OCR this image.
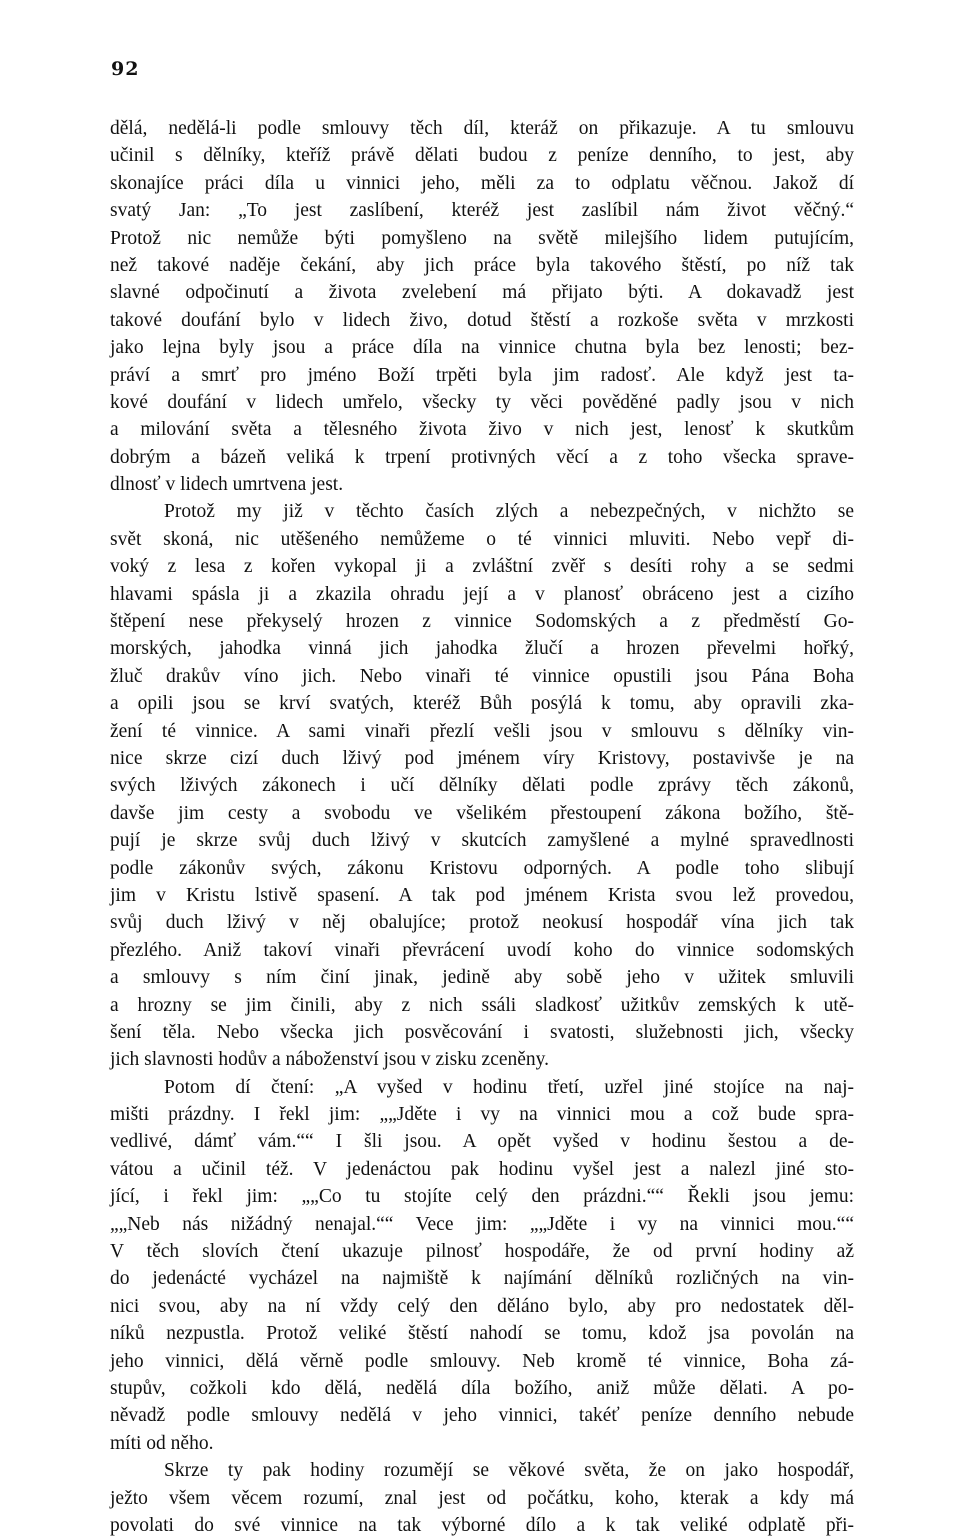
92
dělá, nedělá-li podle smlouvy těch díl, kteráž on přikazuje. A tu smlouvu
učinil s dělníky, kteříž právě dělati budou z peníze denního, to jest, aby
skonajíce práci díla u vinnici jeho, měli za to odplatu věčnou. Jakož dí
svatý Jan: „To jest zaslíbení, kteréž jest zaslíbil nám život věčný.“
Protož nic nemůže býti pomyšleno na světě milejšího lidem putujícím,
než takové naděje čekání, aby jich práce byla takového štěstí, po níž tak
slavné odpočinutí a života zvelebení má přijato býti. A dokavadž jest
takové doufání bylo v lidech živo, dotud štěstí a rozkoše světa v mrzkosti
jako lejna byly jsou a práce díla na vinnice chutna byla bez lenosti; bez-
práví a smrť pro jméno Boží trpěti byla jim radosť. Ale když jest ta-
kové doufání v lidech umřelo, všecky ty věci pověděné padly jsou v nich
a milování světa a tělesného života živo v nich jest, lenosť k skutkům
dobrým a bázeň veliká k trpení protivných věcí a z toho všecka sprave-
dlnosť v lidech umrtvena jest.
Protož my již v těchto časích zlých a nebezpečných, v nichžto se
svět skoná, nic utěšeného nemůžeme o té vinnici mluviti. Nebo vepř di-
voký z lesa z kořen vykopal ji a zvláštní zvěř s desíti rohy a se sedmi
hlavami spásla ji a zkazila ohradu její a v planosť obráceno jest a cizího
štěpení nese překyselý hrozen z vinnice Sodomských a z předměstí Go-
morských, jahodka vinná jich jahodka žlučí a hrozen převelmi hořký,
žluč drakův víno jich. Nebo vinaři té vinnice opustili jsou Pána Boha
a opili jsou se krví svatých, kteréž Bůh posýlá k tomu, aby opravili zka-
žení té vinnice. A sami vinaři přezlí vešli jsou v smlouvu s dělníky vin-
nice skrze cizí duch lživý pod jménem víry Kristovy, postavivše je na
svých lživých zákonech i učí dělníky dělati podle zprávy těch zákonů,
davše jim cesty a svobodu ve všelikém přestoupení zákona božího, ště-
pují je skrze svůj duch lživý v skutcích zamyšlené a mylné spravedlnosti
podle zákonův svých, zákonu Kristovu odporných. A podle toho slibují
jim v Kristu lstivě spasení. A tak pod jménem Krista svou lež provedou,
svůj duch lživý v něj obalujíce; protož neokusí hospodář vína jich tak
přezlého. Aniž takoví vinaři převrácení uvodí koho do vinnice sodomských
a smlouvy s ním činí jinak, jedině aby sobě jeho v užitek smluvili
a hrozny se jim činili, aby z nich ssáli sladkosť užitkův zemských k utě-
šení těla. Nebo všecka jich posvěcování i svatosti, služebnosti jich, všecky
jich slavnosti hodův a náboženství jsou v zisku zceněny.
Potom dí čtení: „A vyšed v hodinu třetí, uzřel jiné stojíce na naj-
mišti prázdny. I řekl jim: „„Jděte i vy na vinnici mou a což bude spra-
vedlivé, dámť vám.““ I šli jsou. A opět vyšed v hodinu šestou a de-
vátou a učinil též. V jedenáctou pak hodinu vyšel jest a nalezl jiné sto-
jící, i řekl jim: „„Co tu stojíte celý den prázdni.““ Řekli jsou jemu:
„„Neb nás nižádný nenajal.““ Vece jim: „„Jděte i vy na vinnici mou.““
V těch slovích čtení ukazuje pilnosť hospodáře, že od první hodiny až
do jedenácté vycházel na najmiště k najímání dělníků rozličných na vin-
nici svou, aby na ní vždy celý den děláno bylo, aby pro nedostatek děl-
níků nezpustla. Protož veliké štěstí nahodí se tomu, kdož jsa povolán na
jeho vinnici, dělá věrně podle smlouvy. Neb kromě té vinnice, Boha zá-
stupův, cožkoli kdo dělá, nedělá díla božího, aniž může dělati. A po-
něvadž podle smlouvy nedělá v jeho vinnici, takéť peníze denního nebude
míti od něho.
Skrze ty pak hodiny rozumějí se věkové světa, že on jako hospodář,
ježto všem věcem rozumí, znal jest od počátku, koho, kterak a kdy má
povolati do své vinnice na tak výborné dílo a k tak veliké odplatě při-
